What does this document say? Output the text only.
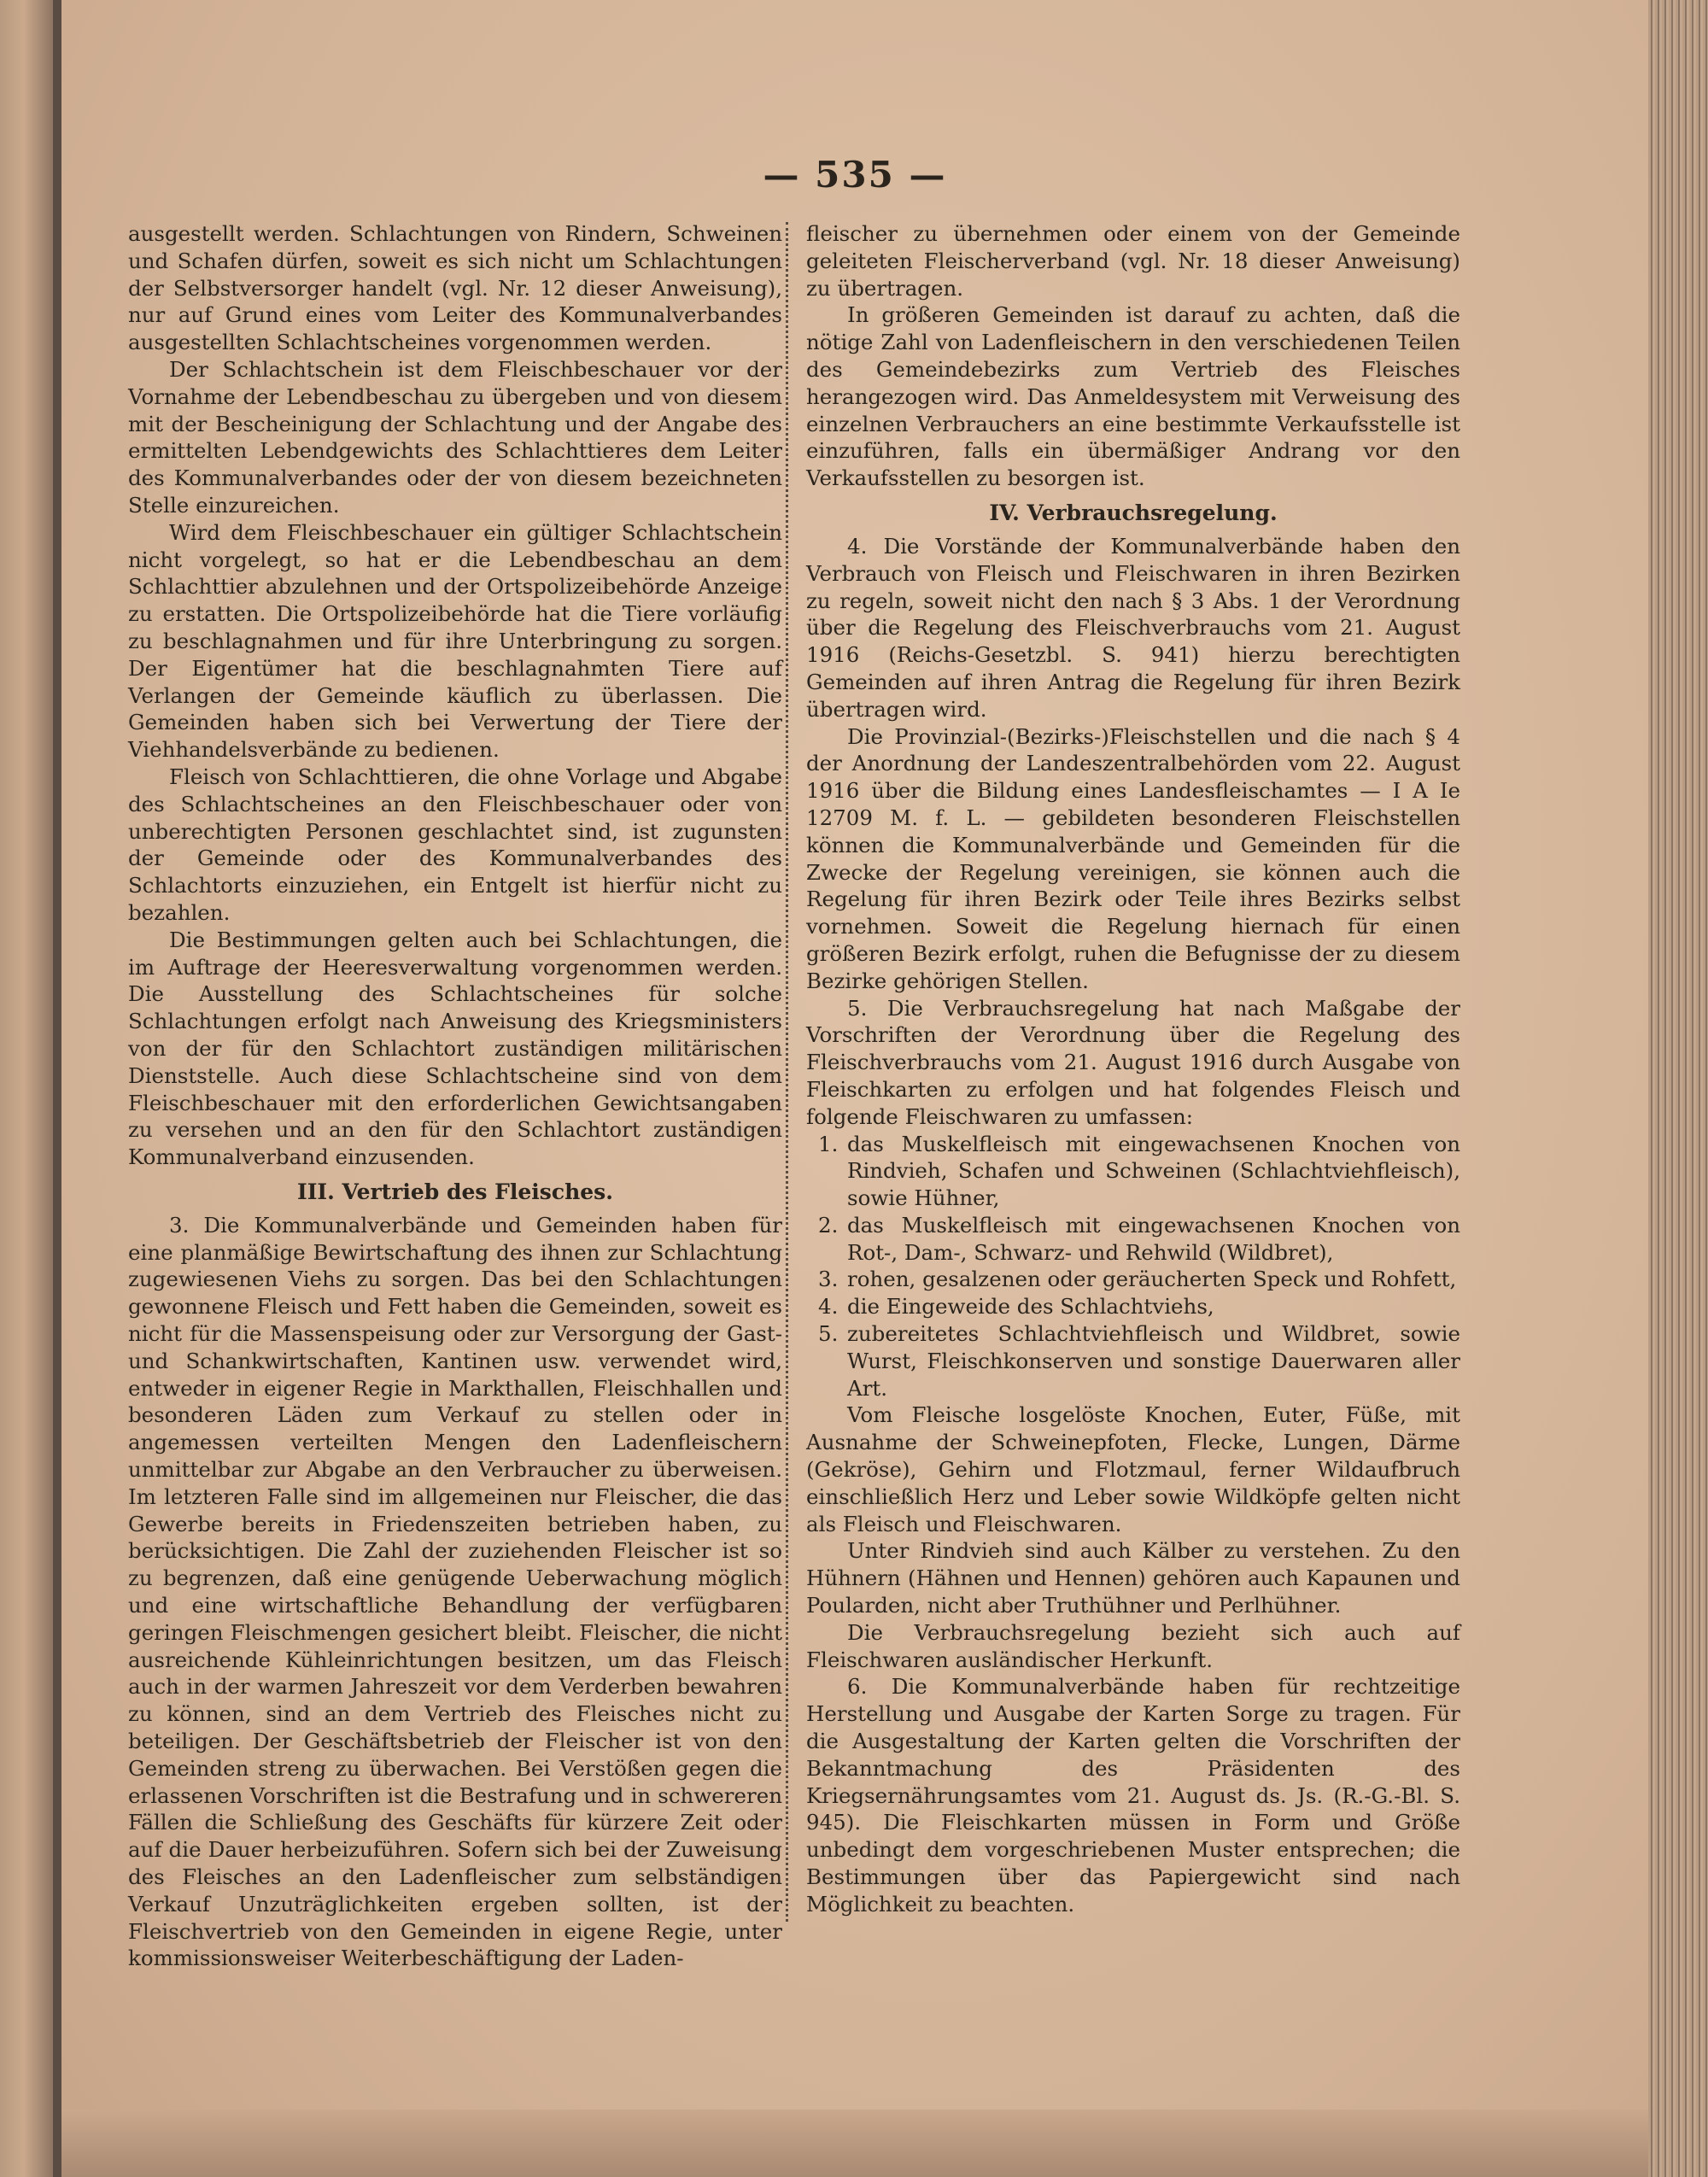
— 535 —

ausgestellt werden. Schlachtungen von Rindern, Schweinen und Schafen dürfen, soweit es sich nicht um Schlachtungen der Selbstversorger handelt (vgl. Nr. 12 dieser Anweisung), nur auf Grund eines vom Leiter des Kommunalverbandes ausgestellten Schlachtscheines vorgenommen werden.

Der Schlachtschein ist dem Fleischbeschauer vor der Vornahme der Lebendbeschau zu übergeben und von diesem mit der Bescheinigung der Schlachtung und der Angabe des ermittelten Lebendgewichts des Schlachttieres dem Leiter des Kommunalverbandes oder der von diesem bezeichneten Stelle einzureichen.

Wird dem Fleischbeschauer ein gültiger Schlachtschein nicht vorgelegt, so hat er die Lebendbeschau an dem Schlachttier abzulehnen und der Ortspolizeibehörde Anzeige zu erstatten. Die Ortspolizeibehörde hat die Tiere vorläufig zu beschlagnahmen und für ihre Unterbringung zu sorgen. Der Eigentümer hat die beschlagnahmten Tiere auf Verlangen der Gemeinde käuflich zu überlassen. Die Gemeinden haben sich bei Verwertung der Tiere der Viehhandelsverbände zu bedienen.

Fleisch von Schlachttieren, die ohne Vorlage und Abgabe des Schlachtscheines an den Fleischbeschauer oder von unberechtigten Personen geschlachtet sind, ist zugunsten der Gemeinde oder des Kommunalverbandes des Schlachtorts einzuziehen, ein Entgelt ist hierfür nicht zu bezahlen.

Die Bestimmungen gelten auch bei Schlachtungen, die im Auftrage der Heeresverwaltung vorgenommen werden. Die Ausstellung des Schlachtscheines für solche Schlachtungen erfolgt nach Anweisung des Kriegsministers von der für den Schlachtort zuständigen militärischen Dienststelle. Auch diese Schlachtscheine sind von dem Fleischbeschauer mit den erforderlichen Gewichtsangaben zu versehen und an den für den Schlachtort zuständigen Kommunalverband einzusenden.

III. Vertrieb des Fleisches.

3. Die Kommunalverbände und Gemeinden haben für eine planmäßige Bewirtschaftung des ihnen zur Schlachtung zugewiesenen Viehs zu sorgen. Das bei den Schlachtungen gewonnene Fleisch und Fett haben die Gemeinden, soweit es nicht für die Massenspeisung oder zur Versorgung der Gast- und Schankwirtschaften, Kantinen usw. verwendet wird, entweder in eigener Regie in Markthallen, Fleischhallen und besonderen Läden zum Verkauf zu stellen oder in angemessen verteilten Mengen den Ladenfleischern unmittelbar zur Abgabe an den Verbraucher zu überweisen. Im letzteren Falle sind im allgemeinen nur Fleischer, die das Gewerbe bereits in Friedenszeiten betrieben haben, zu berücksichtigen. Die Zahl der zuziehenden Fleischer ist so zu begrenzen, daß eine genügende Ueberwachung möglich und eine wirtschaftliche Behandlung der verfügbaren geringen Fleischmengen gesichert bleibt. Fleischer, die nicht ausreichende Kühleinrichtungen besitzen, um das Fleisch auch in der warmen Jahreszeit vor dem Verderben bewahren zu können, sind an dem Vertrieb des Fleisches nicht zu beteiligen. Der Geschäftsbetrieb der Fleischer ist von den Gemeinden streng zu überwachen. Bei Verstößen gegen die erlassenen Vorschriften ist die Bestrafung und in schwereren Fällen die Schließung des Geschäfts für kürzere Zeit oder auf die Dauer herbeizuführen. Sofern sich bei der Zuweisung des Fleisches an den Ladenfleischer zum selbständigen Verkauf Unzuträglichkeiten ergeben sollten, ist der Fleischvertrieb von den Gemeinden in eigene Regie, unter kommissionsweiser Weiterbeschäftigung der Laden-

fleischer zu übernehmen oder einem von der Gemeinde geleiteten Fleischerverband (vgl. Nr. 18 dieser Anweisung) zu übertragen.

In größeren Gemeinden ist darauf zu achten, daß die nötige Zahl von Ladenfleischern in den verschiedenen Teilen des Gemeindebezirks zum Vertrieb des Fleisches herangezogen wird. Das Anmeldesystem mit Verweisung des einzelnen Verbrauchers an eine bestimmte Verkaufsstelle ist einzuführen, falls ein übermäßiger Andrang vor den Verkaufsstellen zu besorgen ist.

IV. Verbrauchsregelung.

4. Die Vorstände der Kommunalverbände haben den Verbrauch von Fleisch und Fleischwaren in ihren Bezirken zu regeln, soweit nicht den nach § 3 Abs. 1 der Verordnung über die Regelung des Fleischverbrauchs vom 21. August 1916 (Reichs-Gesetzbl. S. 941) hierzu berechtigten Gemeinden auf ihren Antrag die Regelung für ihren Bezirk übertragen wird.

Die Provinzial-(Bezirks-)Fleischstellen und die nach § 4 der Anordnung der Landeszentralbehörden vom 22. August 1916 über die Bildung eines Landesfleischamtes — I A Ie 12709 M. f. L. — gebildeten besonderen Fleischstellen können die Kommunalverbände und Gemeinden für die Zwecke der Regelung vereinigen, sie können auch die Regelung für ihren Bezirk oder Teile ihres Bezirks selbst vornehmen. Soweit die Regelung hiernach für einen größeren Bezirk erfolgt, ruhen die Befugnisse der zu diesem Bezirke gehörigen Stellen.

5. Die Verbrauchsregelung hat nach Maßgabe der Vorschriften der Verordnung über die Regelung des Fleischverbrauchs vom 21. August 1916 durch Ausgabe von Fleischkarten zu erfolgen und hat folgendes Fleisch und folgende Fleischwaren zu umfassen:

1. das Muskelfleisch mit eingewachsenen Knochen von Rindvieh, Schafen und Schweinen (Schlachtviehfleisch), sowie Hühner,
2. das Muskelfleisch mit eingewachsenen Knochen von Rot-, Dam-, Schwarz- und Rehwild (Wildbret),
3. rohen, gesalzenen oder geräucherten Speck und Rohfett,
4. die Eingeweide des Schlachtviehs,
5. zubereitetes Schlachtviehfleisch und Wildbret, sowie Wurst, Fleischkonserven und sonstige Dauerwaren aller Art.

Vom Fleische losgelöste Knochen, Euter, Füße, mit Ausnahme der Schweinepfoten, Flecke, Lungen, Därme (Gekröse), Gehirn und Flotzmaul, ferner Wildaufbruch einschließlich Herz und Leber sowie Wildköpfe gelten nicht als Fleisch und Fleischwaren.

Unter Rindvieh sind auch Kälber zu verstehen. Zu den Hühnern (Hähnen und Hennen) gehören auch Kapaunen und Poularden, nicht aber Truthühner und Perlhühner.

Die Verbrauchsregelung bezieht sich auch auf Fleischwaren ausländischer Herkunft.

6. Die Kommunalverbände haben für rechtzeitige Herstellung und Ausgabe der Karten Sorge zu tragen. Für die Ausgestaltung der Karten gelten die Vorschriften der Bekanntmachung des Präsidenten des Kriegsernährungsamtes vom 21. August ds. Js. (R.-G.-Bl. S. 945). Die Fleischkarten müssen in Form und Größe unbedingt dem vorgeschriebenen Muster entsprechen; die Bestimmungen über das Papiergewicht sind nach Möglichkeit zu beachten.
